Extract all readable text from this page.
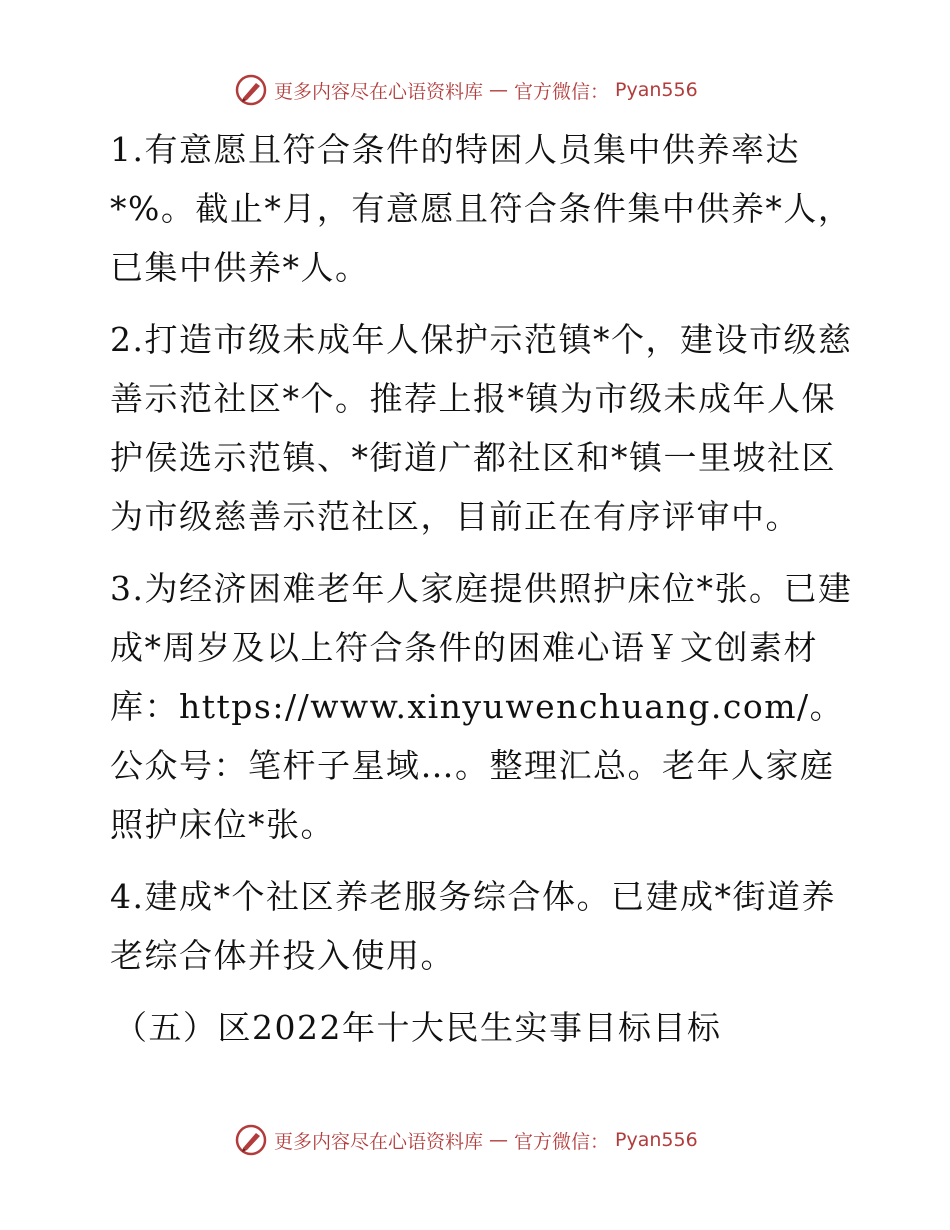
更多内容尽在心语资料库 — 官方微信： Pyan556

1.有意愿且符合条件的特困人员集中供养率达*%。截止*月，有意愿且符合条件集中供养*人，已集中供养*人。

2.打造市级未成年人保护示范镇*个，建设市级慈善示范社区*个。推荐上报*镇为市级未成年人保护侯选示范镇、*街道广都社区和*镇一里坡社区为市级慈善示范社区，目前正在有序评审中。

3.为经济困难老年人家庭提供照护床位*张。已建成*周岁及以上符合条件的困难心语￥文创素材库：https://www.xinyuwenchuang.com/。公众号：笔杆子星域…。整理汇总。老年人家庭照护床位*张。

4.建成*个社区养老服务综合体。已建成*街道养老综合体并投入使用。

（五）区2022年十大民生实事目标目标

更多内容尽在心语资料库 — 官方微信： Pyan556
